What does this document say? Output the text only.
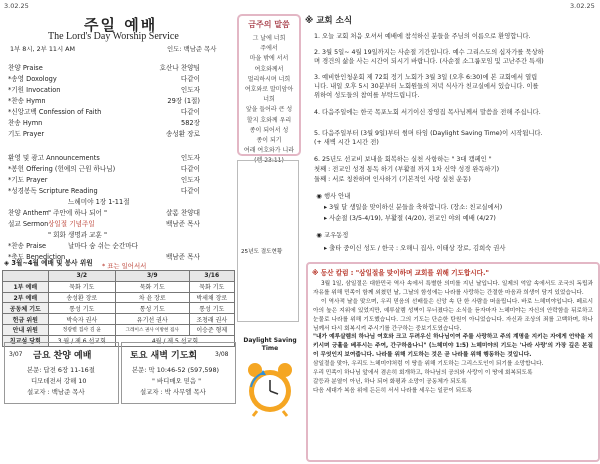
3.02.25	3.02.25
주일 예배
The Lord's Day Worship Service
1부 8시, 2부 11시 AM	인도: 백남준 목사
찬양 Praise	호산나 찬양팀
*송영 Doxology	다같이
*기원 Invocation	인도자
*찬송 Hymn	29장 (1절)
*신앙고백 Confession of Faith	다같이
찬송 Hymn	582장
기도 Prayer	송성환 장로
환영 및 광고 Announcements	인도자
*봉헌 Offering (헌예의 근원 하나님)	다같이
*기도 Prayer	인도자
*성경봉독 Scripture Reading	다같이
느헤미야 1장 1-11절
찬양 Anthem " 주안에 하나 되어 "	샬롬 찬양대
설교 Sermon 상일절 기념주일	백남준 목사
" 회화 생명과 교훈 "
*찬송 Praise	날마다 숨 쉬는 순간마다
*축도 Benediction	백남준 목사
* 표는 일어서서
◈ 3월~4월 예배 및 봉사 위원
	3/2	3/9	3/16
1부 예배	묵화 기도	묵화 기도	묵화 기도
2부 예배	송성환 장로	차 윤 장로	박세채 장로
공동체 기도	통성 기도	통성 기도	통성 기도
헌금 위원	박숙자 권사	유기선 권사	조청래 권사
안내 위원	정광렬 집사 김 윤	그레이스 권사 이방현 집사	이승준 형제
친교섬 당회	3 월 / 제 6 선교회	4월 / 제 5 선교회	
3/07 금요 찬양 예배
본문: 답전 6장 11-16절
디모데전서 강해 10
설교자 : 백남준 목사
토요 새벽 기도회	3/08
본문: 막 10:46-52 (597,598)
" 바디매오 믿음 "
설교자 : 박 사무엘 목사
금주의 말씀
그 날에 너희
주에서
마을 밖에 서서
여호와께서
멀리하시며 너희
여호와로 말미암아 너희
앞을 들어라 큰 성
할지 호와께 우리
종이 되어서 성
종이 되기
여래 여호와가 니라
(렘 23:11)
25년도 결도현황
Daylight Saving Time
※ 교회 소식
1. 오늘 교회 처음 오셔서 예배에 참석하신 분들을 주님의 이름으로 환영합니다.
2. 3월 5일~ 4월 19일까지는 사순절 기간입니다. 예수 그리스도의 십자가를 묵상하
며 경건의 삶을 사는 시간이 되시기 바랍니다. (사순절 소그룹모임 및 고난주간 특새)
3. 예비한인청운회 제 72회 정기 노회가 3월 3일 (오후 6:30)에 본 교회에서 열립
니다. 내일 오후 5시 30분부터 노회원들의 저녁 식사가 친교실에서 있습니다. 이를
위하여 성도들의 참여를 부탁드립니다.
4. 다음주일에는 한국 목포노회 서기이신 장영집 목사님께서 말씀을 전해 주십니다.
5. 다음주일부터 (3월 9일)부터 썸머 타임 (Daylight Saving Time)이 시작됩니다.
(+ 새벽 시간 1시간 전)
6. 25년도 선교비 보내을 회복하는 실천 사항하는 " 3대 캠페인 "
첫째 : 전교인 성경 통독 하기 (부활절 까지 1차 신약 성경 완독하기)
둘째 : 서로 칭찬하며 인사하기 (기본적인 사랑 실천 운동)
◉ 행사 안내
▸ 3월 달 생일을 맞이하신 분들을 축하합니다. (장소: 친교실에서)
▸ 사순절 (3/5-4/19), 부활절 (4/20), 전교인 야외 예배 (4/27)
◉ 교우동정
▸ 출타 중이신 성도 / 한국 : 오해니 집사, 이태상 장로, 김희숙 권사
※ 동산 칼럼 : "삼일절을 맞이하며 교회를 위해 기도합시다."
3월 1일, 삼일절은 대한민국 역사 속에서 특별한 의미를 지닌 날입니다. 일제의 억압 속에서도 조국의 독립과 자유를 위해 민족이 함께 외쳤던 날, 그날의 함성에는 나라를 사랑하는 간절한 마음과 희생이 담겨 있었습니다.
이 역사적 날을 맞으며, 우리 믿음의 선배들은 신앙 속 단 한 사람을 떠올립니다. 바로 느헤미야입니다. 페르시아의 높은 지위에 있었지만, 예루살렘 성벽이 무너졌다는 소식을 듣자마자 느헤미야는 자신의 안락함을 뒤로하고 눈물로 나라를 위해 기도했습니다. 그의 기도는 단순한 탄원이 아니었습니다. 자신과 조상의 죄를 고백하며, 하나님께서 다시 회복시켜 주시기를 간구하는 중보기도였습니다.
"내가 예루살렘의 하나님 여호와 크고 두려우신 하나님이여 주를 사랑하고 주의 계명을 지키는 자에게 언약을 지키시며 긍휼을 베푸시는 주여, 간구하옵나니" (느헤미야 1:5) 느헤미야의 기도는 '나라 사랑'의 가장 깊은 본질이 무엇인지 보여줍니다. 나라를 위해 기도하는 것은 곧 나라를 위해 행동하는 것입니다.
삼일절을 맞아, 우리도 느헤미야처럼 이 땅을 위해 기도하는 그리스도인이 되기를 소망합니다.
우리 민족이 하나님 앞에서 겸손히 회개하고, 하나님의 공의와 사랑이 이 땅에 회복되도록
갈등과 분열이 아닌, 하나 되어 화평과 소망이 공동체가 되도록
다음 세대가 복음 위에 든든히 서서 나라를 세우는 일꾼이 되도록
